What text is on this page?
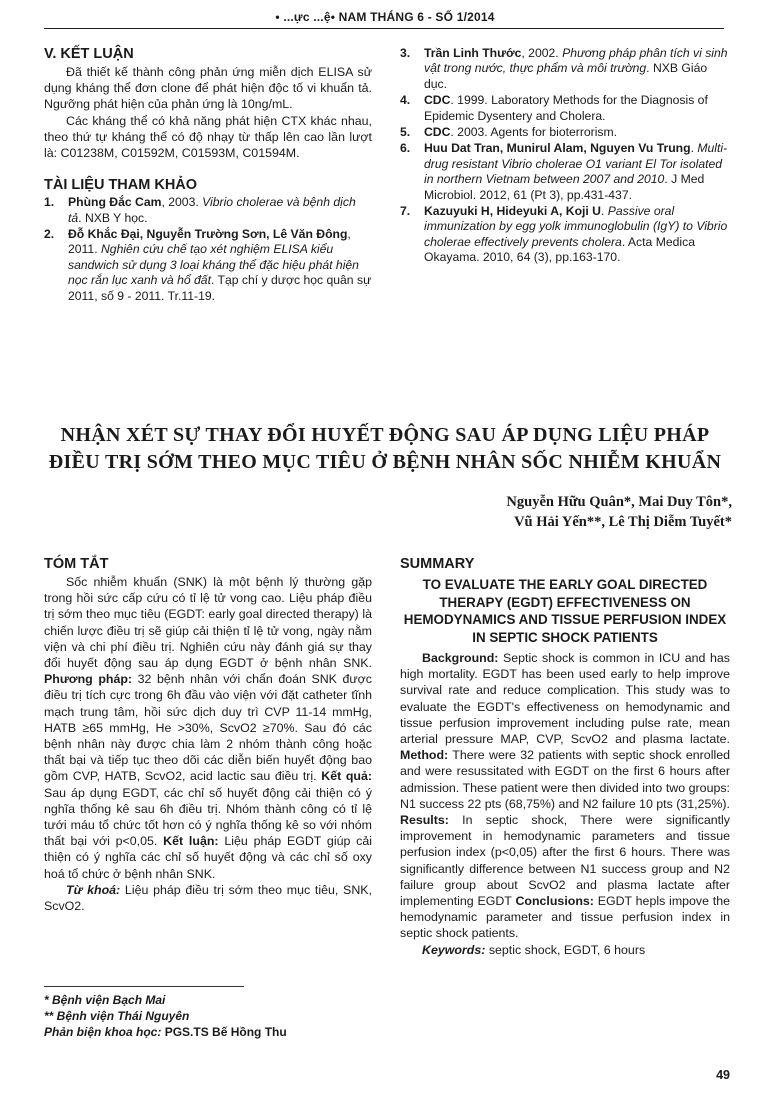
• ...ực ...ệ• NAM THÁNG 6 - SỐ 1/2014

V. KẾT LUẬN

Đã thiết kế thành công phản ứng miễn dịch ELISA sử dụng kháng thể đơn clone để phát hiện độc tố vi khuẩn tả. Ngưỡng phát hiện của phản ứng là 10ng/mL.

Các kháng thể có khả năng phát hiện CTX khác nhau, theo thứ tự kháng thể có độ nhạy từ thấp lên cao lần lượt là: C01238M, C01592M, C01593M, C01594M.

TÀI LIỆU THAM KHẢO

1. Phùng Đắc Cam, 2003. Vibrio cholerae và bệnh dịch tả. NXB Y học.
2. Đỗ Khắc Đại, Nguyễn Trường Sơn, Lê Văn Đông, 2011. Nghiên cứu chế tạo xét nghiệm ELISA kiểu sandwich sử dụng 3 loại kháng thể đặc hiệu phát hiện nọc rắn lục xanh và hổ đất. Tạp chí y dược học quân sự 2011, số 9 - 2011. Tr.11-19.
3. Trần Linh Thước, 2002. Phương pháp phân tích vi sinh vật trong nước, thực phẩm và môi trường. NXB Giáo dục.
4. CDC. 1999. Laboratory Methods for the Diagnosis of Epidemic Dysentery and Cholera.
5. CDC. 2003. Agents for bioterrorism.
6. Huu Dat Tran, Munirul Alam, Nguyen Vu Trung. Multi-drug resistant Vibrio cholerae O1 variant El Tor isolated in northern Vietnam between 2007 and 2010. J Med Microbiol. 2012, 61 (Pt 3), pp.431-437.
7. Kazuyuki H, Hideyuki A, Koji U. Passive oral immunization by egg yolk immunoglobulin (IgY) to Vibrio cholerae effectively prevents cholera. Acta Medica Okayama. 2010, 64 (3), pp.163-170.
NHẬN XÉT SỰ THAY ĐỔI HUYẾT ĐỘNG SAU ÁP DỤNG LIỆU PHÁP
ĐIỀU TRỊ SỚM THEO MỤC TIÊU Ở BỆNH NHÂN SỐC NHIỄM KHUẨN
Nguyễn Hữu Quân*, Mai Duy Tôn*,
Vũ Hải Yến**, Lê Thị Diễm Tuyết*

TÓM TẮT

Sốc nhiễm khuẩn (SNK) là một bệnh lý thường gặp trong hồi sức cấp cứu có tỉ lệ tử vong cao. Liệu pháp điều trị sớm theo mục tiêu (EGDT: early goal directed therapy) là chiến lược điều trị sẽ giúp cải thiện tỉ lệ tử vong, ngày nằm viện và chi phí điều trị. Nghiên cứu này đánh giá sự thay đổi huyết động sau áp dụng EGDT ở bệnh nhân SNK. Phương pháp: 32 bệnh nhân với chẩn đoán SNK được điều trị tích cực trong 6h đầu vào viện với đặt catheter tĩnh mạch trung tâm, hồi sức dịch duy trì CVP 11-14 mmHg, HATB ≥65 mmHg, He >30%, ScvO2 ≥70%. Sau đó các bệnh nhân này được chia làm 2 nhóm thành công hoặc thất bại và tiếp tục theo dõi các diễn biến huyết động bao gồm CVP, HATB, ScvO2, acid lactic sau điều trị. Kết quả: Sau áp dụng EGDT, các chỉ số huyết động cải thiện có ý nghĩa thống kê sau 6h điều trị. Nhóm thành công có tỉ lệ tưới máu tổ chức tốt hơn có ý nghĩa thống kê so với nhóm thất bại với p<0,05. Kết luận: Liệu pháp EGDT giúp cải thiện có ý nghĩa các chỉ số huyết động và các chỉ số oxy hoá tổ chức ở bệnh nhân SNK.

Từ khoá: Liệu pháp điều trị sớm theo mục tiêu, SNK, ScvO2.

SUMMARY

TO EVALUATE THE EARLY GOAL DIRECTED THERAPY (EGDT) EFFECTIVENESS ON HEMODYNAMICS AND TISSUE PERFUSION INDEX IN SEPTIC SHOCK PATIENTS

Background: Septic shock is common in ICU and has high mortality. EGDT has been used early to help improve survival rate and reduce complication. This study was to evaluate the EGDT's effectiveness on hemodynamic and tissue perfusion improvement including pulse rate, mean arterial pressure MAP, CVP, ScvO2 and plasma lactate. Method: There were 32 patients with septic shock enrolled and were resussitated with EGDT on the first 6 hours after admission. These patient were then divided into two groups: N1 success 22 pts (68,75%) and N2 failure 10 pts (31,25%). Results: In septic shock, There were significantly improvement in hemodynamic parameters and tissue perfusion index (p<0,05) after the first 6 hours. There was significantly difference between N1 success group and N2 failure group about ScvO2 and plasma lactate after implementing EGDT Conclusions: EGDT hepls impove the hemodynamic parameter and tissue perfusion index in septic shock patients.

Keywords: septic shock, EGDT, 6 hours

* Bệnh viện Bạch Mai
** Bệnh viện Thái Nguyên
Phản biện khoa học: PGS.TS Bế Hồng Thu
49
